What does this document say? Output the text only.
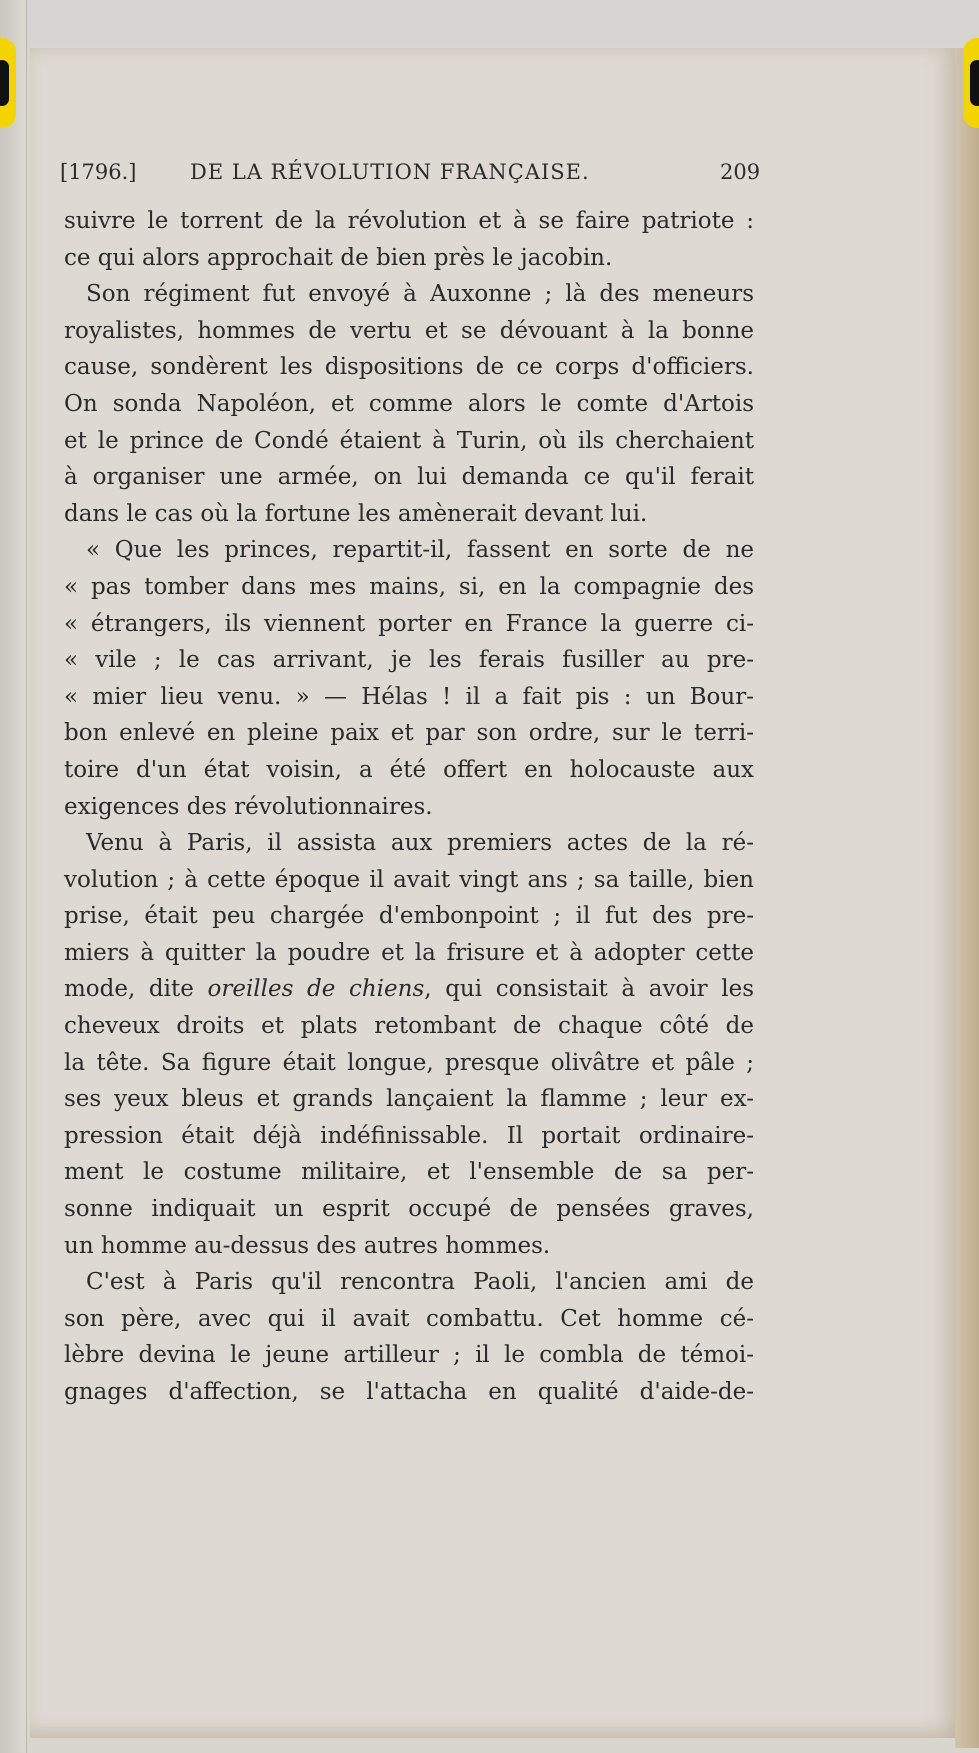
[1796.]	DE LA RÉVOLUTION FRANÇAISE.	209
suivre le torrent de la révolution et à se faire patriote :
ce qui alors approchait de bien près le jacobin.
Son régiment fut envoyé à Auxonne ; là des meneurs
royalistes, hommes de vertu et se dévouant à la bonne
cause, sondèrent les dispositions de ce corps d'officiers.
On sonda Napoléon, et comme alors le comte d'Artois
et le prince de Condé étaient à Turin, où ils cherchaient
à organiser une armée, on lui demanda ce qu'il ferait
dans le cas où la fortune les amènerait devant lui.
« Que les princes, repartit-il, fassent en sorte de ne
« pas tomber dans mes mains, si, en la compagnie des
« étrangers, ils viennent porter en France la guerre ci-
« vile ; le cas arrivant, je les ferais fusiller au pre-
« mier lieu venu. » — Hélas ! il a fait pis : un Bour-
bon enlevé en pleine paix et par son ordre, sur le terri-
toire d'un état voisin, a été offert en holocauste aux
exigences des révolutionnaires.
Venu à Paris, il assista aux premiers actes de la ré-
volution ; à cette époque il avait vingt ans ; sa taille, bien
prise, était peu chargée d'embonpoint ; il fut des pre-
miers à quitter la poudre et la frisure et à adopter cette
mode, dite oreilles de chiens, qui consistait à avoir les
cheveux droits et plats retombant de chaque côté de
la tête. Sa figure était longue, presque olivâtre et pâle ;
ses yeux bleus et grands lançaient la flamme ; leur ex-
pression était déjà indéfinissable. Il portait ordinaire-
ment le costume militaire, et l'ensemble de sa per-
sonne indiquait un esprit occupé de pensées graves,
un homme au-dessus des autres hommes.
C'est à Paris qu'il rencontra Paoli, l'ancien ami de
son père, avec qui il avait combattu. Cet homme cé-
lèbre devina le jeune artilleur ; il le combla de témoi-
gnages d'affection, se l'attacha en qualité d'aide-de-
